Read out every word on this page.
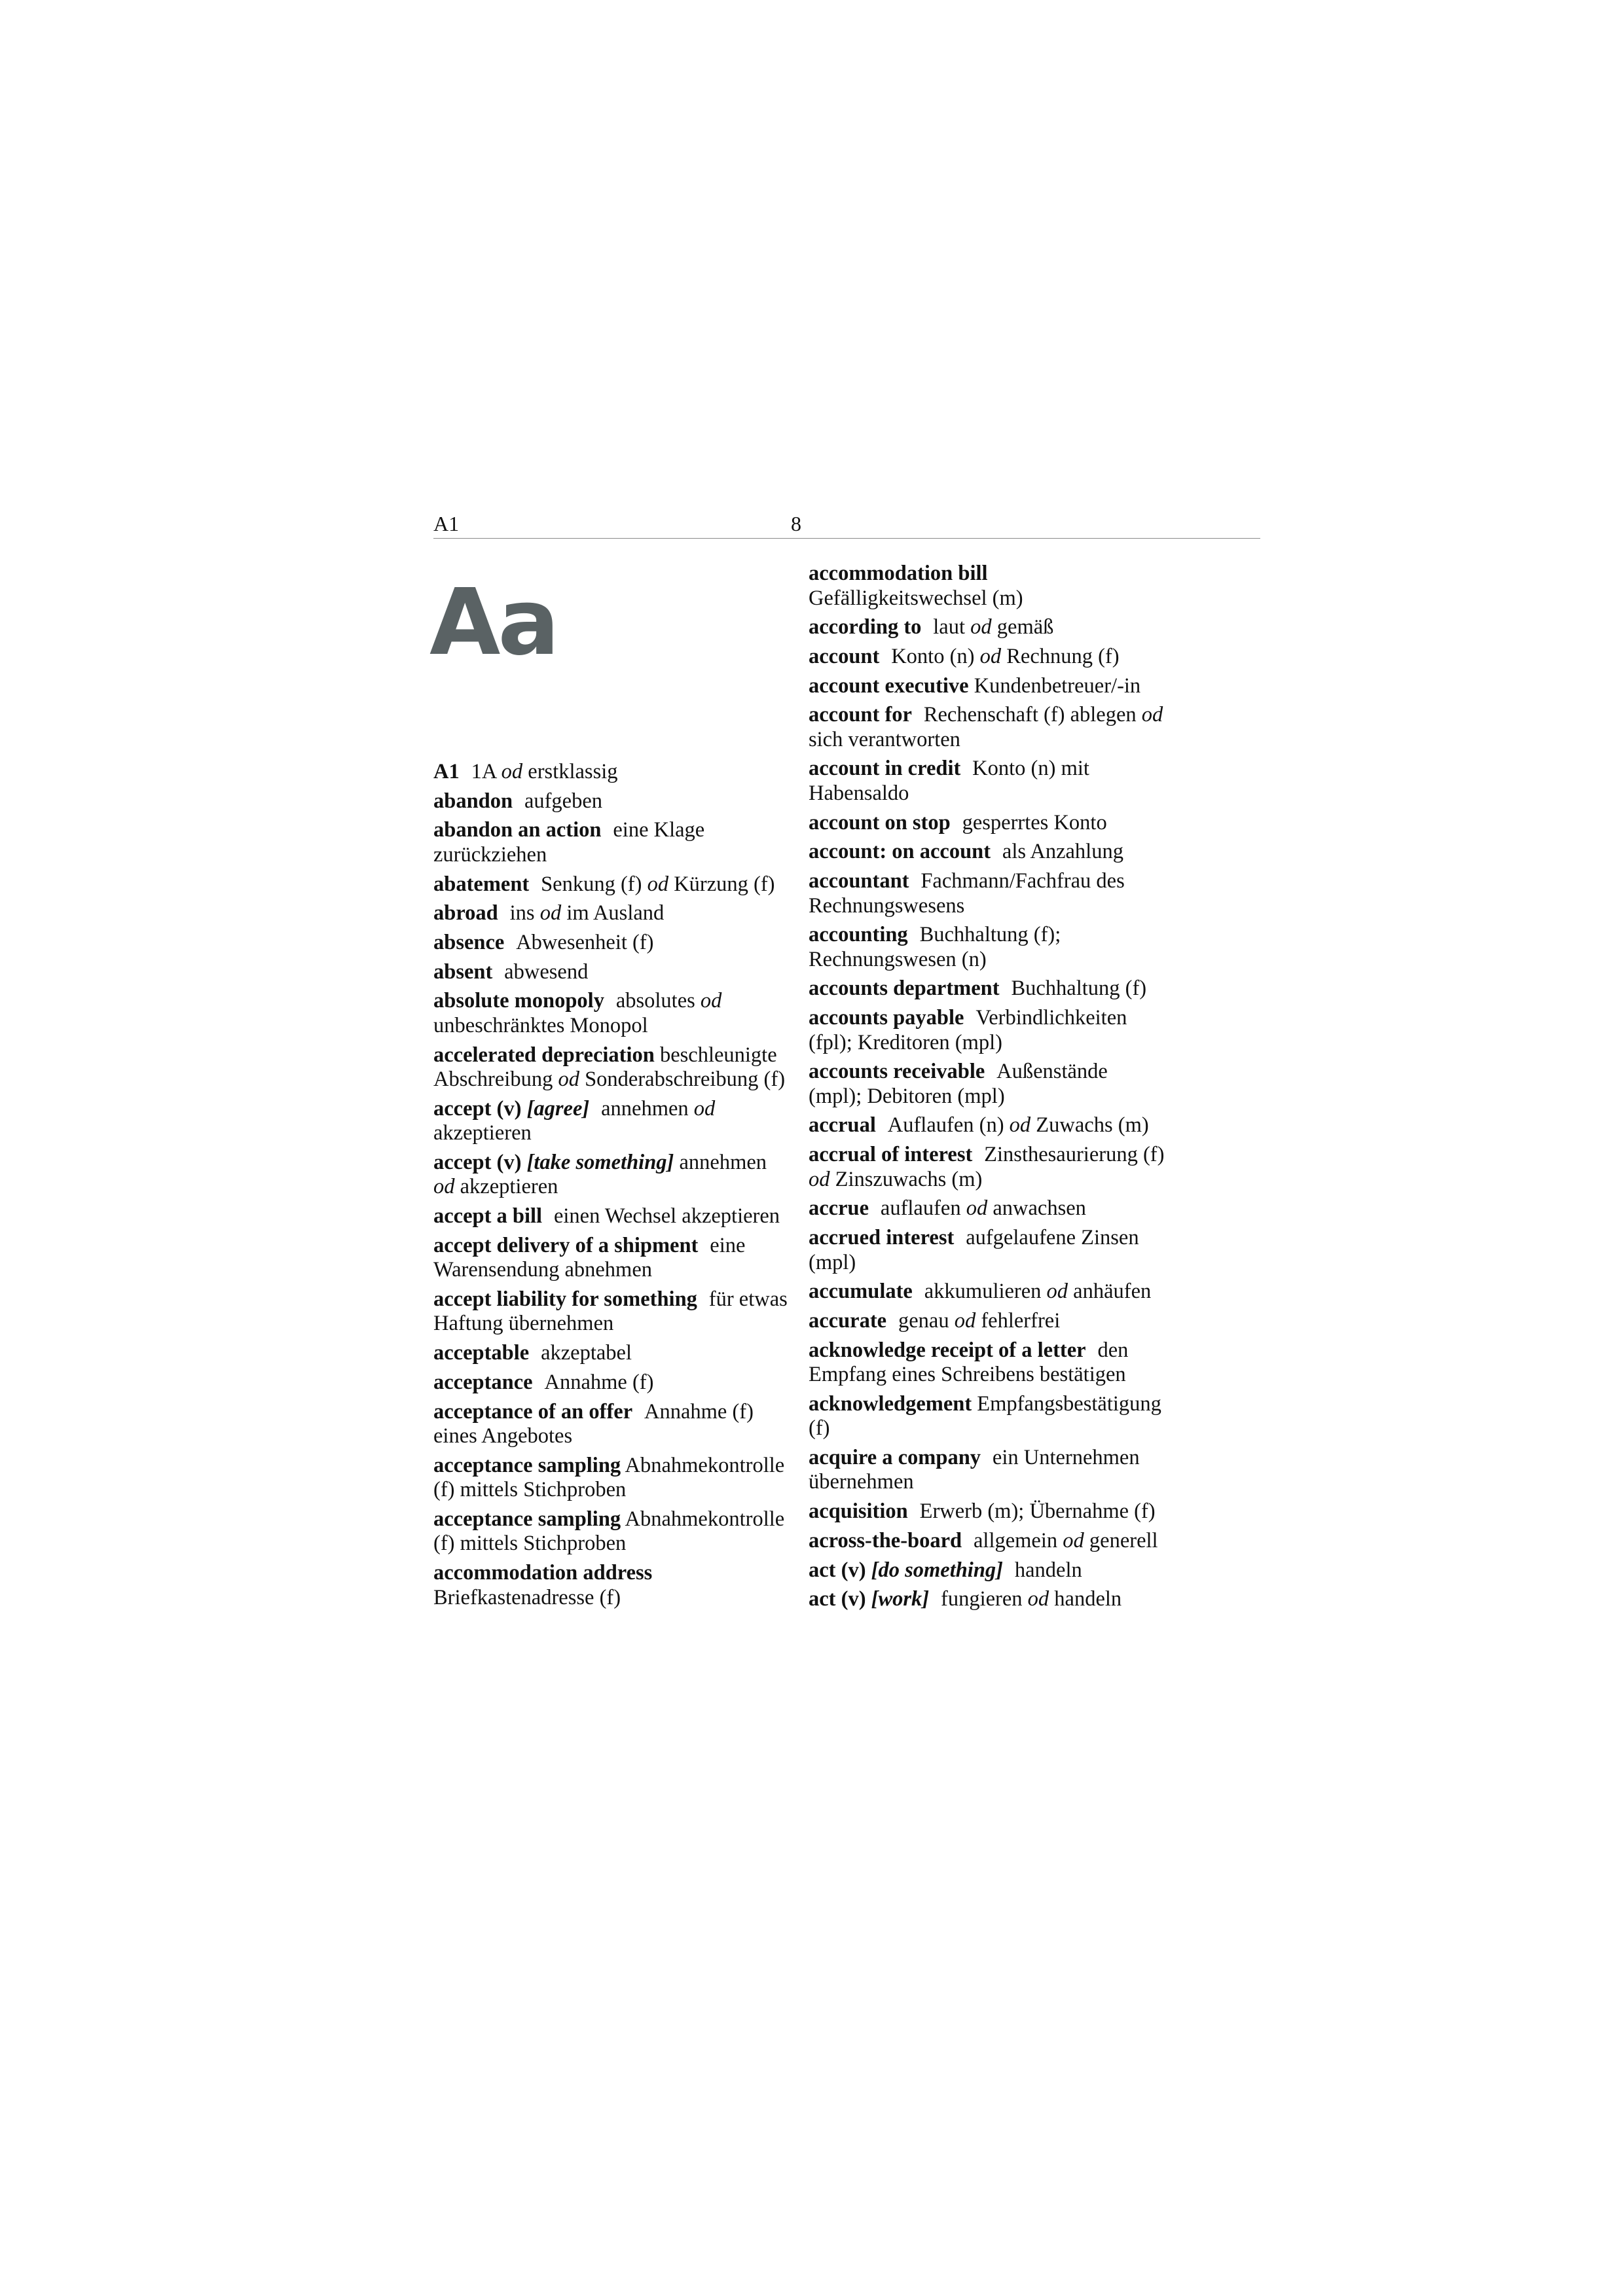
A1	8
Aa
A1 1A od erstklassig
abandon aufgeben
abandon an action eine Klage zurückziehen
abatement Senkung (f) od Kürzung (f)
abroad ins od im Ausland
absence Abwesenheit (f)
absent abwesend
absolute monopoly absolutes od unbeschränktes Monopol
accelerated depreciation beschleunigte Abschreibung od Sonderabschreibung (f)
accept (v) [agree] annehmen od akzeptieren
accept (v) [take something] annehmen od akzeptieren
accept a bill einen Wechsel akzeptieren
accept delivery of a shipment eine Warensendung abnehmen
accept liability for something für etwas Haftung übernehmen
acceptable akzeptabel
acceptance Annahme (f)
acceptance of an offer Annahme (f) eines Angebotes
acceptance sampling Abnahmekontrolle (f) mittels Stichproben
acceptance sampling Abnahmekontrolle (f) mittels Stichproben
accommodation address Briefkastenadresse (f)
accommodation bill Gefälligkeitswechsel (m)
according to laut od gemäß
account Konto (n) od Rechnung (f)
account executive Kundenbetreuer/-in
account for Rechenschaft (f) ablegen od sich verantworten
account in credit Konto (n) mit Habensaldo
account on stop gesperrtes Konto
account: on account als Anzahlung
accountant Fachmann/Fachfrau des Rechnungswesens
accounting Buchhaltung (f); Rechnungswesen (n)
accounts department Buchhaltung (f)
accounts payable Verbindlichkeiten (fpl); Kreditoren (mpl)
accounts receivable Außenstände (mpl); Debitoren (mpl)
accrual Auflaufen (n) od Zuwachs (m)
accrual of interest Zinsthesaurierung (f) od Zinszuwachs (m)
accrue auflaufen od anwachsen
accrued interest aufgelaufene Zinsen (mpl)
accumulate akkumulieren od anhäufen
accurate genau od fehlerfrei
acknowledge receipt of a letter den Empfang eines Schreibens bestätigen
acknowledgement Empfangsbestätigung (f)
acquire a company ein Unternehmen übernehmen
acquisition Erwerb (m); Übernahme (f)
across-the-board allgemein od generell
act (v) [do something] handeln
act (v) [work] fungieren od handeln
